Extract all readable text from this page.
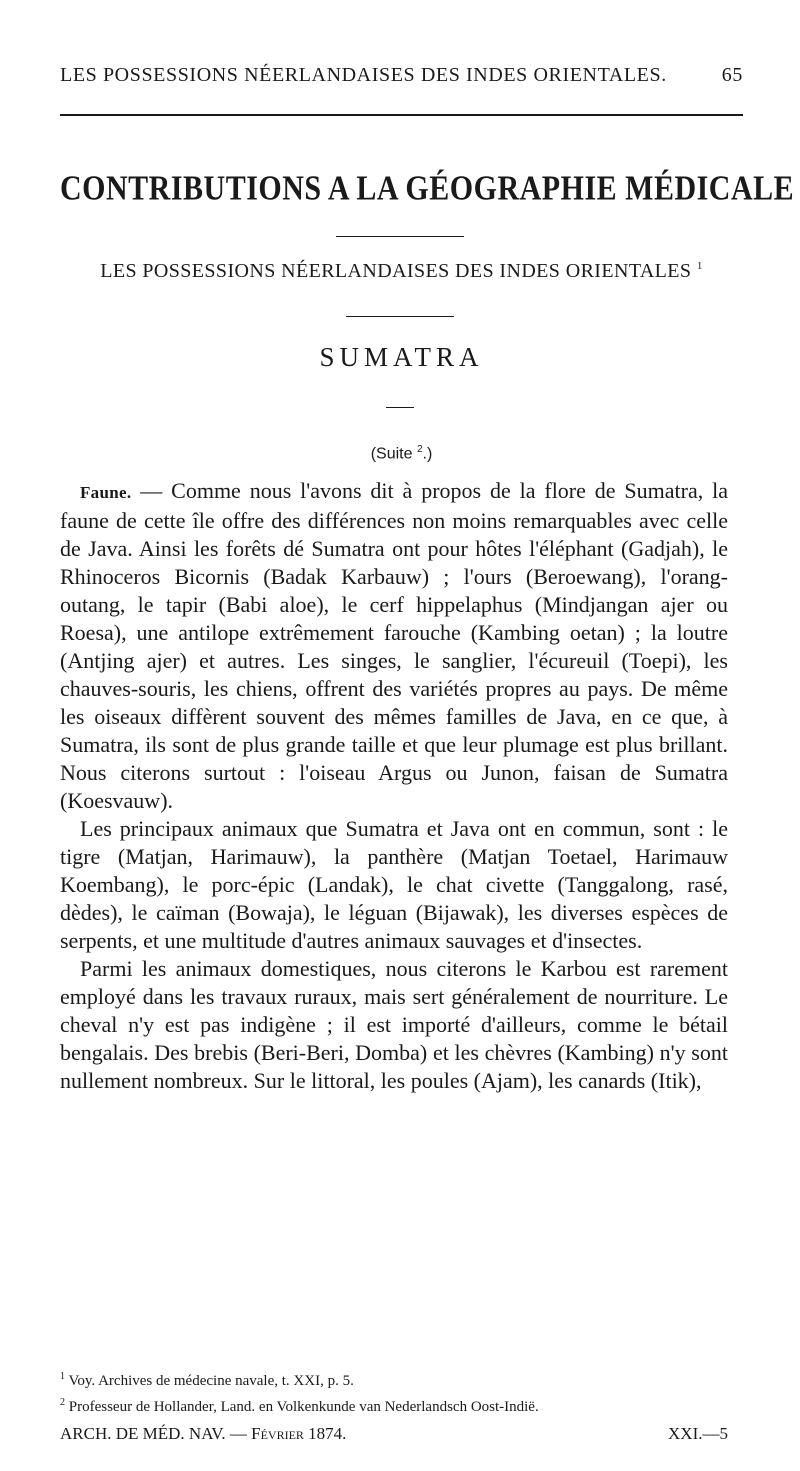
LES POSSESSIONS NÉERLANDAISES DES INDES ORIENTALES.	65
CONTRIBUTIONS A LA GÉOGRAPHIE MÉDICALE
LES POSSESSIONS NÉERLANDAISES DES INDES ORIENTALES $^1$
SUMATRA
(Suite $^2$.)

Faune. — Comme nous l'avons dit à propos de la flore de Sumatra, la faune de cette île offre des différences non moins remarquables avec celle de Java. Ainsi les forêts dé Sumatra ont pour hôtes l'éléphant (Gadjah), le Rhinoceros Bicornis (Badak Karbauw) ; l'ours (Beroewang), l'orang-outang, le tapir (Babi aloe), le cerf hippelaphus (Mindjangan ajer ou Roesa), une antilope extrêmement farouche (Kambing oetan) ; la loutre (Antjing ajer) et autres. Les singes, le sanglier, l'écureuil (Toepi), les chauves-souris, les chiens, offrent des variétés propres au pays. De même les oiseaux diffèrent souvent des mêmes familles de Java, en ce que, à Sumatra, ils sont de plus grande taille et que leur plumage est plus brillant. Nous citerons surtout : l'oiseau Argus ou Junon, faisan de Sumatra (Koesvauw).

Les principaux animaux que Sumatra et Java ont en commun, sont : le tigre (Matjan, Harimauw), la panthère (Matjan Toetael, Harimauw Koembang), le porc-épic (Landak), le chat civette (Tanggalong, rasé, dèdes), le caïman (Bowaja), le léguan (Bijawak), les diverses espèces de serpents, et une multitude d'autres animaux sauvages et d'insectes.

Parmi les animaux domestiques, nous citerons le Karbou est rarement employé dans les travaux ruraux, mais sert généralement de nourriture. Le cheval n'y est pas indigène ; il est importé d'ailleurs, comme le bétail bengalais. Des brebis (Beri-Beri, Domba) et les chèvres (Kambing) n'y sont nullement nombreux. Sur le littoral, les poules (Ajam), les canards (Itik),

$^1$ Voy. Archives de médecine navale, t. XXI, p. 5.

$^2$ Professeur de Hollander, Land. en Volkenkunde van Nederlandsch Oost-Indië.

ARCH. DE MÉD. NAV. — Février 1874.	XXI.—5
